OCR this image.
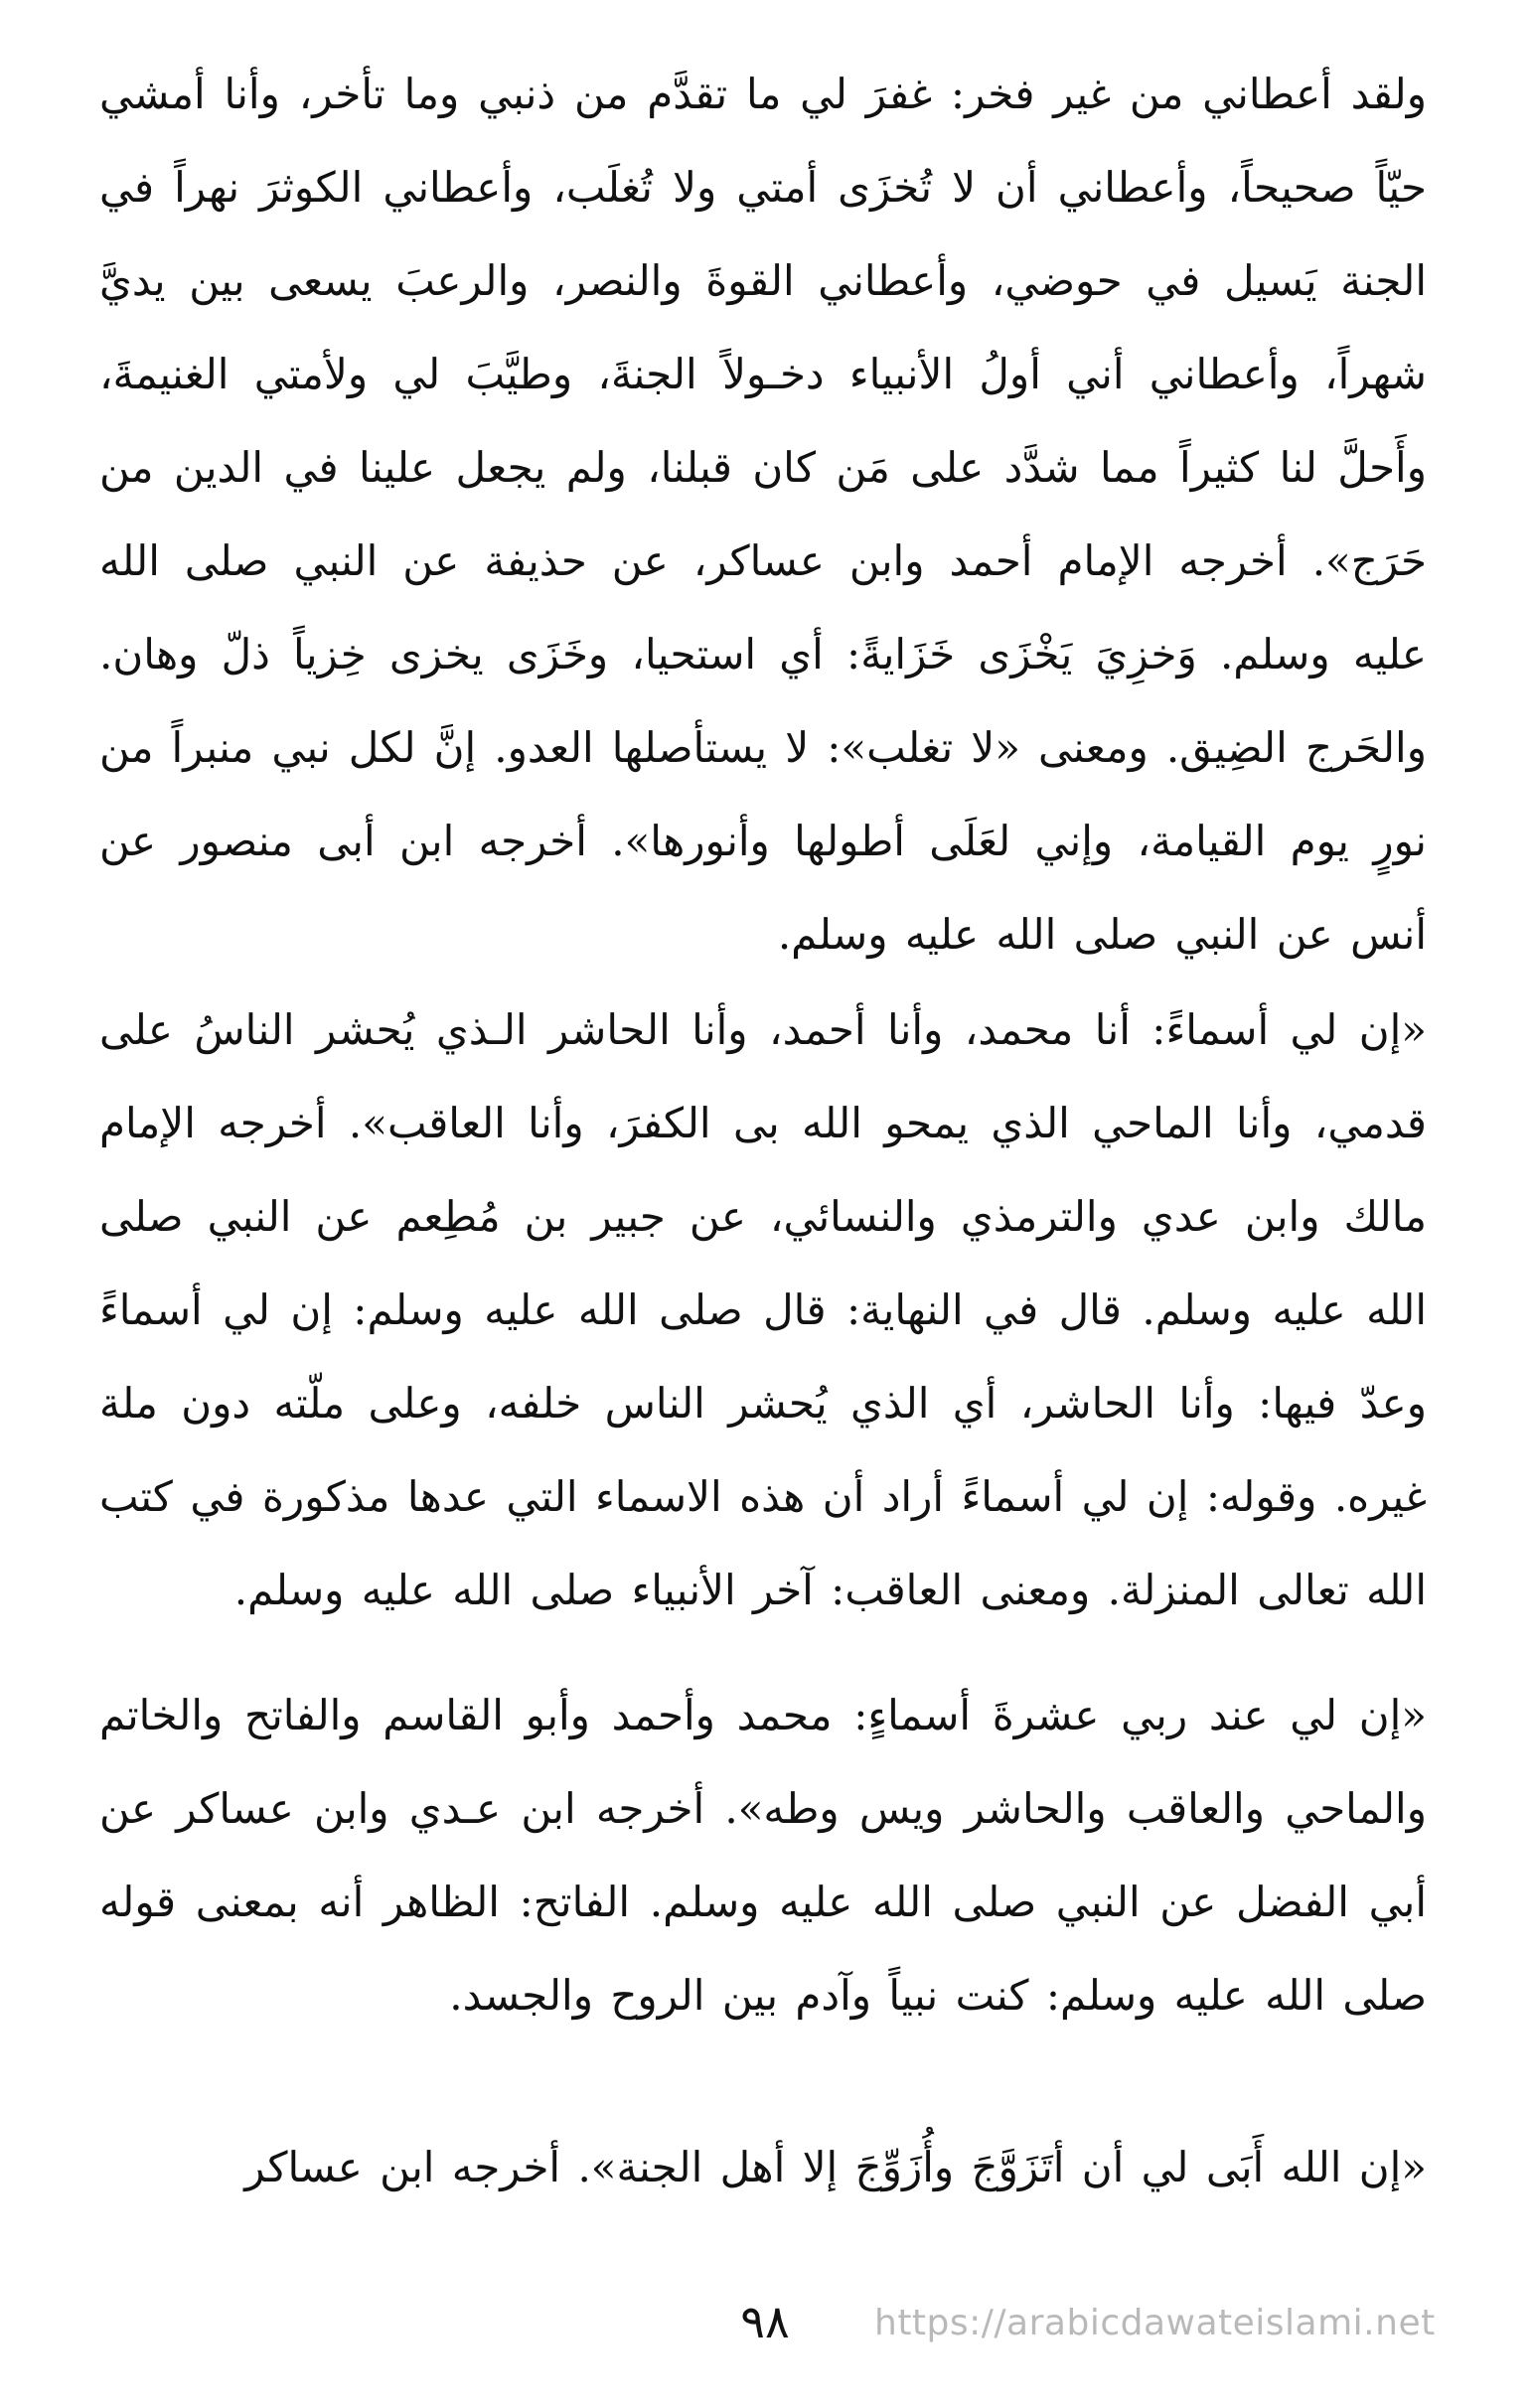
ولقد أعطاني من غير فخر: غفرَ لي ما تقدَّم من ذنبي وما تأخر، وأنا أمشي حيّاً صحيحاً، وأعطاني أن لا تُخزَى أمتي ولا تُغلَب، وأعطاني الكوثرَ نهراً في الجنة يَسيل في حوضي، وأعطاني القوةَ والنصر، والرعبَ يسعى بين يديَّ شهراً، وأعطاني أني أولُ الأنبياء دخـولاً الجنةَ، وطيَّبَ لي ولأمتي الغنيمةَ، وأَحلَّ لنا كثيراً مما شدَّد على مَن كان قبلنا، ولم يجعل علينا في الدين من حَرَج». أخرجه الإمام أحمد وابن عساكر، عن حذيفة عن النبي صلى الله عليه وسلم. وَخزِيَ يَخْزَى خَزَايةً: أي استحيا، وخَزَى يخزى خِزياً ذلّ وهان. والحَرج الضِيق. ومعنى «لا تغلب»: لا يستأصلها العدو. إنَّ لكل نبي منبراً من نورٍ يوم القيامة، وإني لعَلَى أطولها وأنورها». أخرجه ابن أبى منصور عن أنس عن النبي صلى الله عليه وسلم.

«إن لي أسماءً: أنا محمد، وأنا أحمد، وأنا الحاشر الـذي يُحشر الناسُ على قدمي، وأنا الماحي الذي يمحو الله بى الكفرَ، وأنا العاقب». أخرجه الإمام مالك وابن عدي والترمذي والنسائي، عن جبير بن مُطِعم عن النبي صلى الله عليه وسلم. قال في النهاية: قال صلى الله عليه وسلم: إن لي أسماءً وعدّ فيها: وأنا الحاشر، أي الذي يُحشر الناس خلفه، وعلى ملّته دون ملة غيره. وقوله: إن لي أسماءً أراد أن هذه الاسماء التي عدها مذكورة في كتب الله تعالى المنزلة. ومعنى العاقب: آخر الأنبياء صلى الله عليه وسلم.

«إن لي عند ربي عشرةَ أسماءٍ: محمد وأحمد وأبو القاسم والفاتح والخاتم والماحي والعاقب والحاشر ويس وطه». أخرجه ابن عـدي وابن عساكر عن أبي الفضل عن النبي صلى الله عليه وسلم. الفاتح: الظاهر أنه بمعنى قوله صلى الله عليه وسلم: كنت نبياً وآدم بين الروح والجسد.

«إن الله أَبَى لي أن أتَزَوَّجَ وأُزَوِّجَ إلا أهل الجنة». أخرجه ابن عساكر

٩٨	https://arabicdawateislami.net
